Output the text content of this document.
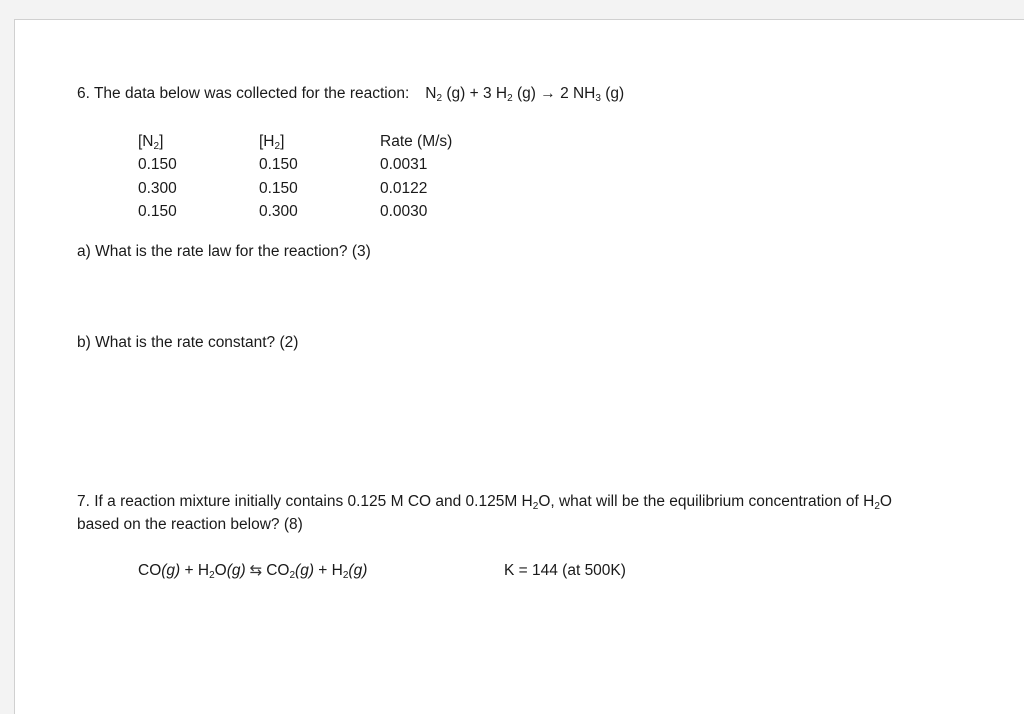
6. The data below was collected for the reaction: $N_2$ (g) + 3 $H_2$ (g) → 2 $NH_3$ (g)
$[N_2]$
0.150
0.300
0.150
$[H_2]$
0.150
0.150
0.300
Rate (M/s)
0.0031
0.0122
0.0030
a) What is the rate law for the reaction? (3)
b) What is the rate constant? (2)
7. If a reaction mixture initially contains 0.125 M CO and 0.125M $H_2O$, what will be the equilibrium concentration of $H_2O$
based on the reaction below? (8)
$CO(g) + H_2O(g)$ ⇆ $CO_2(g) + H_2(g)$	K = 144 (at 500K)
